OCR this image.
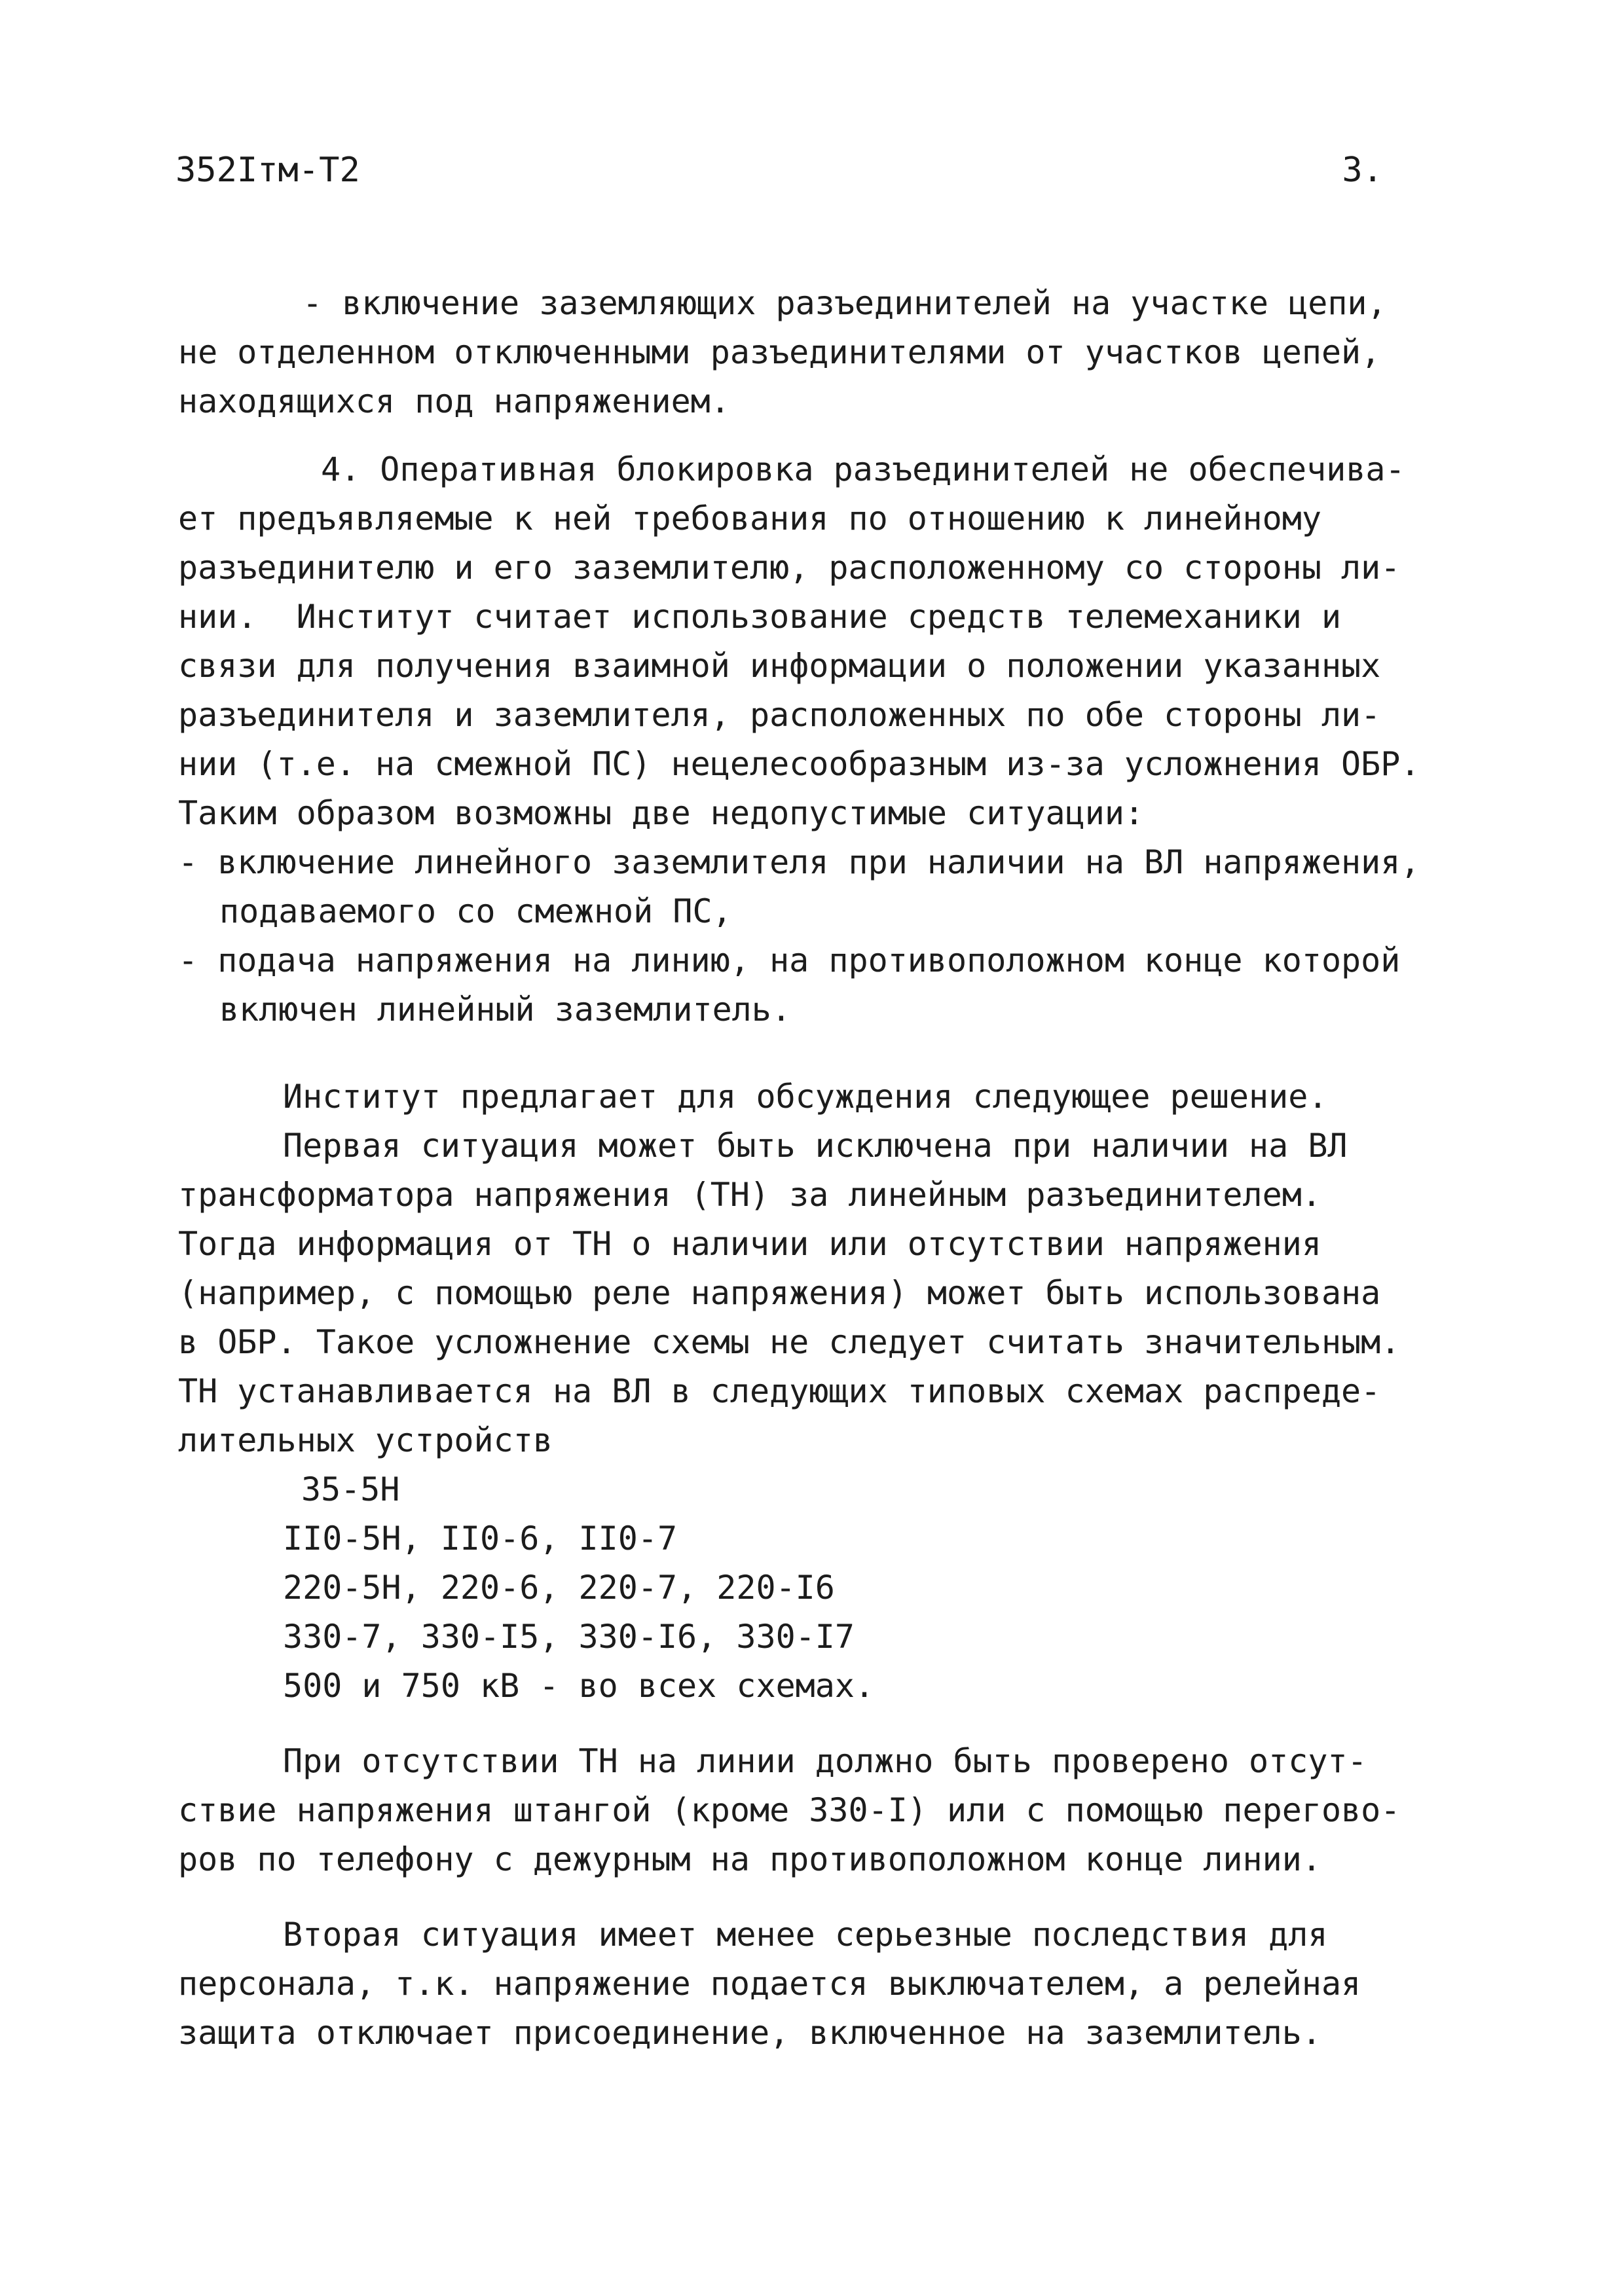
352Iтм-Т2	3.
- включение заземляющих разъединителей на участке цепи,
не отделенном отключенными разъединителями от участков цепей,
находящихся под напряжением.
4. Оперативная блокировка разъединителей не обеспечива-
ет предъявляемые к ней требования по отношению к линейному
разъединителю и его заземлителю, расположенному со стороны ли-
нии.  Институт считает использование средств телемеханики и
связи для получения взаимной информации о положении указанных
разъединителя и заземлителя, расположенных по обе стороны ли-
нии (т.е. на смежной ПС) нецелесообразным из-за усложнения ОБР.
Таким образом возможны две недопустимые ситуации:
- включение линейного заземлителя при наличии на ВЛ напряжения,
подаваемого со смежной ПС,
- подача напряжения на линию, на противоположном конце которой
включен линейный заземлитель.
Институт предлагает для обсуждения следующее решение.
Первая ситуация может быть исключена при наличии на ВЛ
трансформатора напряжения (ТН) за линейным разъединителем.
Тогда информация от ТН о наличии или отсутствии напряжения
(например, с помощью реле напряжения) может быть использована
в ОБР. Такое усложнение схемы не следует считать значительным.
ТН устанавливается на ВЛ в следующих типовых схемах распреде-
лительных устройств
35-5Н
II0-5Н, II0-6, II0-7
220-5Н, 220-6, 220-7, 220-I6
330-7, 330-I5, 330-I6, 330-I7
500 и 750 кВ - во всех схемах.
При отсутствии ТН на линии должно быть проверено отсут-
ствие напряжения штангой (кроме 330-I) или с помощью перегово-
ров по телефону с дежурным на противоположном конце линии.
Вторая ситуация имеет менее серьезные последствия для
персонала, т.к. напряжение подается выключателем, а релейная
защита отключает присоединение, включенное на заземлитель.
